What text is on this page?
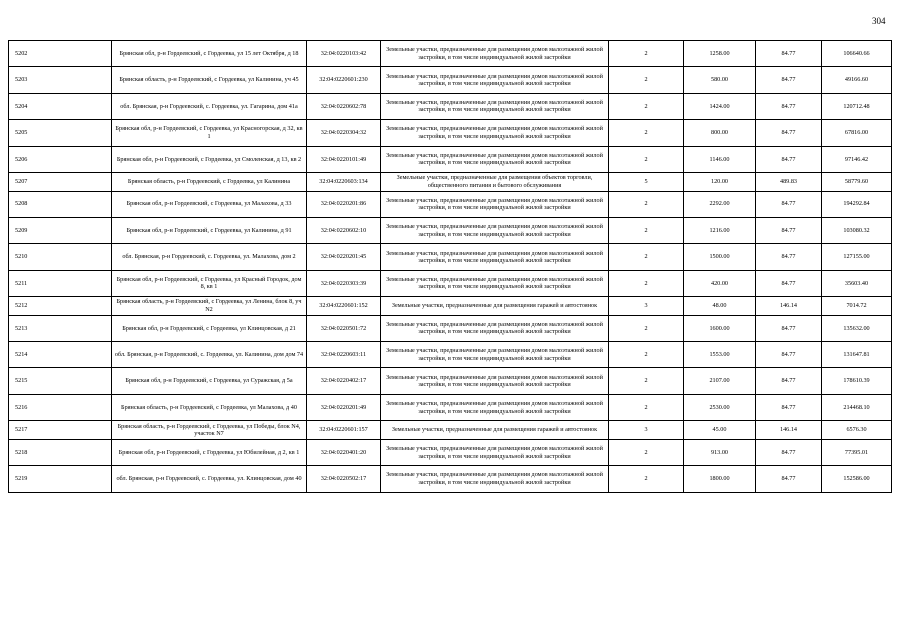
304
5202	Брянская обл, р-н Гордеевский, с Гордеевка, ул 15 лет Октября, д 18	32:04:0220103:42	Земельные участки, предназначенные для размещения домов малоэтажной жилой застройки, в том числе индивидуальной жилой застройки	2	1258.00	84.77	106640.66
5203	Брянская область, р-н Гордеевский, с Гордеевка, ул Калинина, уч 45	32:04:0220601:230	Земельные участки, предназначенные для размещения домов малоэтажной жилой застройки, в том числе индивидуальной жилой застройки	2	580.00	84.77	49166.60
5204	обл. Брянская, р-н Гордеевский, с. Гордеевка, ул. Гагарина, дом 41а	32:04:0220602:78	Земельные участки, предназначенные для размещения домов малоэтажной жилой застройки, в том числе индивидуальной жилой застройки	2	1424.00	84.77	120712.48
5205	Брянская обл, р-н Гордеевский, с Гордеевка, ул Красногорская, д 32, кв 1	32:04:0220304:32	Земельные участки, предназначенные для размещения домов малоэтажной жилой застройки, в том числе индивидуальной жилой застройки	2	800.00	84.77	67816.00
5206	Брянская обл, р-н Гордеевский, с Гордеевка, ул Смоленская, д 13, кв 2	32:04:0220101:49	Земельные участки, предназначенные для размещения домов малоэтажной жилой застройки, в том числе индивидуальной жилой застройки	2	1146.00	84.77	97146.42
5207	Брянская область, р-н Гордеевский, с Гордеевка, ул Калинина	32:04:0220603:134	Земельные участки, предназначенные для размещения объектов торговли, общественного питания и бытового обслуживания	5	120.00	489.83	58779.60
5208	Брянская обл, р-н Гордеевский, с Гордеевка, ул Малахова, д 33	32:04:0220201:86	Земельные участки, предназначенные для размещения домов малоэтажной жилой застройки, в том числе индивидуальной жилой застройки	2	2292.00	84.77	194292.84
5209	Брянская обл, р-н Гордеевский, с Гордеевка, ул Калинина, д 91	32:04:0220602:10	Земельные участки, предназначенные для размещения домов малоэтажной жилой застройки, в том числе индивидуальной жилой застройки	2	1216.00	84.77	103080.32
5210	обл. Брянская, р-н Гордеевский, с. Гордеевка, ул. Малахова, дом 2	32:04:0220201:45	Земельные участки, предназначенные для размещения домов малоэтажной жилой застройки, в том числе индивидуальной жилой застройки	2	1500.00	84.77	127155.00
5211	Брянская обл, р-н Гордеевский, с Гордеевка, ул Красный Городок, дом 8, кв 1	32:04:0220303:39	Земельные участки, предназначенные для размещения домов малоэтажной жилой застройки, в том числе индивидуальной жилой застройки	2	420.00	84.77	35603.40
5212	Брянская область, р-н Гордеевский, с Гордеевка, ул Ленина, блок 8, уч N2	32:04:0220601:152	Земельные участки, предназначенные для размещения гаражей и автостоянок	3	48.00	146.14	7014.72
5213	Брянская обл, р-н Гордеевский, с Гордеевка, ул Клинцовская, д 21	32:04:0220501:72	Земельные участки, предназначенные для размещения домов малоэтажной жилой застройки, в том числе индивидуальной жилой застройки	2	1600.00	84.77	135632.00
5214	обл. Брянская, р-н Гордеевский, с. Гордеевка, ул. Калинина, дом дом 74	32:04:0220603:11	Земельные участки, предназначенные для размещения домов малоэтажной жилой застройки, в том числе индивидуальной жилой застройки	2	1553.00	84.77	131647.81
5215	Брянская обл, р-н Гордеевский, с Гордеевка, ул Суражская, д 5а	32:04:0220402:17	Земельные участки, предназначенные для размещения домов малоэтажной жилой застройки, в том числе индивидуальной жилой застройки	2	2107.00	84.77	178610.39
5216	Брянская область, р-н Гордеевский, с Гордеевка, ул Малахова, д 40	32:04:0220201:49	Земельные участки, предназначенные для размещения домов малоэтажной жилой застройки, в том числе индивидуальной жилой застройки	2	2530.00	84.77	214468.10
5217	Брянская область, р-н Гордеевский, с Гордеевка, ул Победы, блок N4, участок N7	32:04:0220601:157	Земельные участки, предназначенные для размещения гаражей и автостоянок	3	45.00	146.14	6576.30
5218	Брянская обл, р-н Гордеевский, с Гордеевка, ул Юбилейная, д 2, кв 1	32:04:0220401:20	Земельные участки, предназначенные для размещения домов малоэтажной жилой застройки, в том числе индивидуальной жилой застройки	2	913.00	84.77	77395.01
5219	обл. Брянская, р-н Гордеевский, с. Гордеевка, ул. Клинцовская, дом 40	32:04:0220502:17	Земельные участки, предназначенные для размещения домов малоэтажной жилой застройки, в том числе индивидуальной жилой застройки	2	1800.00	84.77	152586.00
